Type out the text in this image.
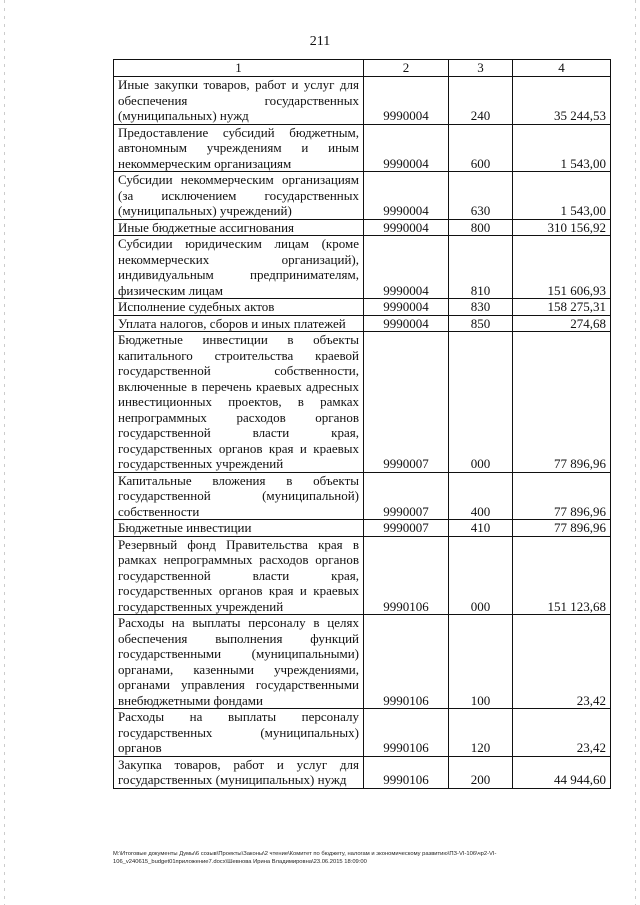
211
1	2	3	4
Иные закупки товаров, работ и услуг для обеспечения государственных (муниципальных) нужд	9990004	240	35 244,53
Предоставление субсидий бюджетным, автономным учреждениям и иным некоммерческим организациям	9990004	600	1 543,00
Субсидии некоммерческим организациям (за исключением государственных (муниципальных) учреждений)	9990004	630	1 543,00
Иные бюджетные ассигнования	9990004	800	310 156,92
Субсидии юридическим лицам (кроме некоммерческих организаций), индивидуальным предпринимателям, физическим лицам	9990004	810	151 606,93
Исполнение судебных актов	9990004	830	158 275,31
Уплата налогов, сборов и иных платежей	9990004	850	274,68
Бюджетные инвестиции в объекты капитального строительства краевой государственной собственности, включенные в перечень краевых адресных инвестиционных проектов, в рамках непрограммных расходов органов государственной власти края, государственных органов края и краевых государственных учреждений	9990007	000	77 896,96
Капитальные вложения в объекты государственной (муниципальной) собственности	9990007	400	77 896,96
Бюджетные инвестиции	9990007	410	77 896,96
Резервный фонд Правительства края в рамках непрограммных расходов органов государственной власти края, государственных органов края и краевых государственных учреждений	9990106	000	151 123,68
Расходы на выплаты персоналу в целях обеспечения выполнения функций государственными (муниципальными) органами, казенными учреждениями, органами управления государственными внебюджетными фондами	9990106	100	23,42
Расходы на выплаты персоналу государственных (муниципальных) органов	9990106	120	23,42
Закупка товаров, работ и услуг для государственных (муниципальных) нужд	9990106	200	44 944,60
M:\Итоговые документы Думы\6 созыв\Проекты\Законы\2 чтение\Комитет по бюджету, налогам и экономическому развитию\ПЗ-VI-106\чр2-VI-106_v240615_budget01приложение7.docx\Шевнова Ирина Владимировна\23.06.2015 18:09:00
